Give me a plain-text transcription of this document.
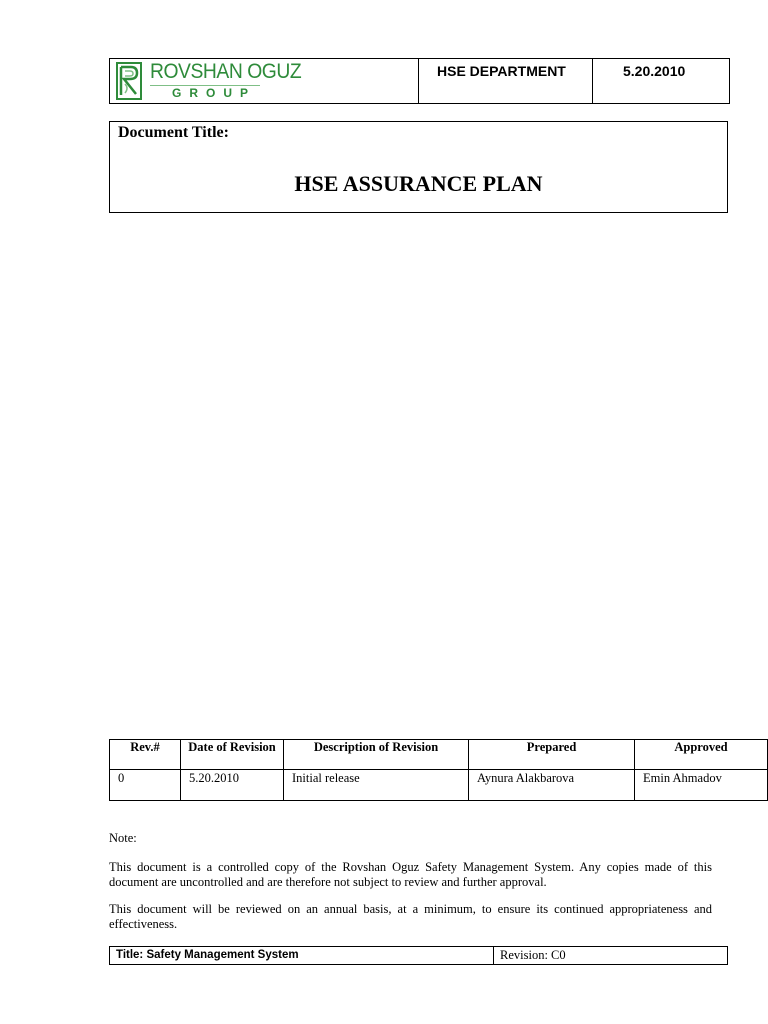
ROVSHAN OGUZ
GROUP

HSE DEPARTMENT	5.20.2010
Document Title:
HSE ASSURANCE PLAN
Rev.#	Date of Revision	Description of Revision	Prepared	Approved
0	5.20.2010	Initial release	Aynura Alakbarova	Emin Ahmadov
Note:

This document is a controlled copy of the Rovshan Oguz Safety Management System. Any copies made of this document are uncontrolled and are therefore not subject to review and further approval.

This document will be reviewed on an annual basis, at a minimum, to ensure its continued appropriateness and effectiveness.

Title: Safety Management System	Revision: C0
